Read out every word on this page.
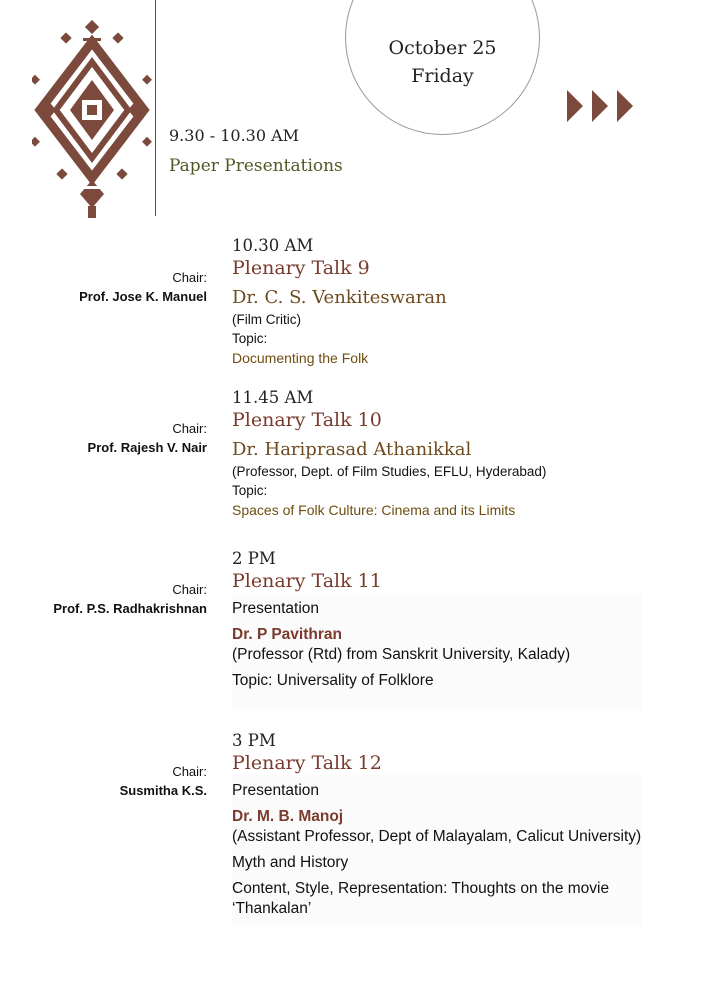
October 25
Friday
9.30 - 10.30 AM
Paper Presentations
Chair:
Prof. Jose K. Manuel
10.30 AM
Plenary Talk 9
Dr. C. S. Venkiteswaran
(Film Critic)
Topic:
Documenting the Folk
Chair:
Prof. Rajesh V. Nair
11.45 AM
Plenary Talk 10
Dr. Hariprasad Athanikkal
(Professor, Dept. of Film Studies, EFLU, Hyderabad)
Topic:
Spaces of Folk Culture: Cinema and its Limits
Chair:
Prof. P.S. Radhakrishnan
2 PM
Plenary Talk 11
Presentation
Dr. P Pavithran
(Professor (Rtd) from Sanskrit University, Kalady)
Topic: Universality of Folklore
Chair:
Susmitha K.S.
3 PM
Plenary Talk 12
Presentation
Dr. M. B. Manoj
(Assistant Professor, Dept of Malayalam, Calicut University)
Myth and History
Content, Style, Representation: Thoughts on the movie ‘Thankalan’
